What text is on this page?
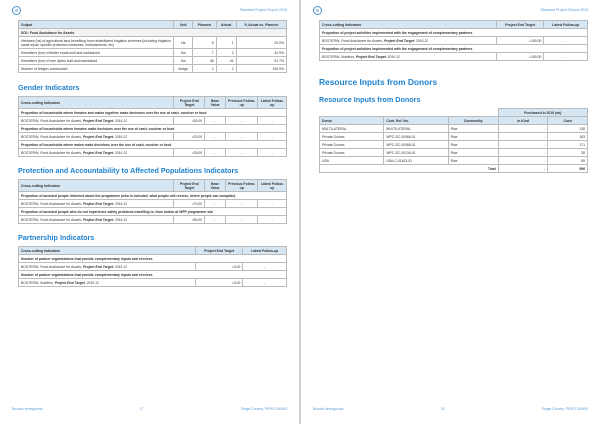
Standard Project Report 2016
Output	Unit	Planned	Actual	% Actual vs. Planned
SO1: Food Assistance for Assets				
Hectares (ha) of agricultural land benefiting from rehabilitated irrigation schemes (including irrigation canal repair, specific protection measures, embankments, etc)	Ha	5	1	20.0%
Kilometers (km) of feeder roads built and maintained	Km	7	3	42.9%
Kilometers (km) of river dykes built and maintained	Km	48	44	91.7%
Number of bridges constructed	bridge	2	2	100.0%
Gender Indicators
Cross-cutting Indicators	Project End Target	Base Value	Previous Follow-up	Latest Follow-up
Proportion of households where females and males together make decisions over the use of cash, voucher or food				
BOSTERIN, Food Assistance for Assets, Project End Target: 2016.12	=30.00	-	-	-
Proportion of households where females make decisions over the use of cash, voucher or food				
BOSTERIN, Food Assistance for Assets, Project End Target: 2016.12	=20.00	-	-	-
Proportion of households where males make decisions over the use of cash, voucher or food				
BOSTERIN, Food Assistance for Assets, Project End Target: 2016.12	=25.00	-	-	-
Protection and Accountability to Affected Populations Indicators
Cross-cutting Indicators	Project End Target	Base Value	Previous Follow-up	Latest Follow-up
Proportion of assisted people informed about the programme (who is included, what people will receive, where people can complain)				
BOSTERIN, Food Assistance for Assets, Project End Target: 2016.12	=70.00	-	-	-
Proportion of assisted people who do not experience safety problems travelling to, from and/or at WFP programme site				
BOSTERIN, Food Assistance for Assets, Project End Target: 2016.12	=80.00	-	-	-
Partnership Indicators
Cross-cutting Indicators	Project End Target	Latest Follow-up
Number of partner organizations that provide complementary inputs and services		
BOSTERIN, Food Assistance for Assets, Project End Target: 2016.12	=3.00	-
Number of partner organizations that provide complementary inputs and services		
BOSTERIN, Nutrition, Project End Target: 2016.12	=3.00	-
Bosnia Herzegovina	17	Single Country: PRRO 200693
Standard Project Report 2016
Cross-cutting Indicators	Project End Target	Latest Follow-up
Proportion of project activities implemented with the engagement of complementary partners		
BOSTERIN, Food Assistance for Assets, Project End Target: 2016.12	=100.00	-
Proportion of project activities implemented with the engagement of complementary partners		
BOSTERIN, Nutrition, Project End Target: 2016.12	=100.00	-
Resource Inputs from Donors
Resource Inputs from Donors
			Purchased in 2016 (mt)	
Donor	Cont. Ref. No.	Commodity	In-Kind	Cash
MULTILATERAL	MULTILATERAL	Rice	-	138
Private Donors	WPC-SC-00066-01	Rice	-	183
Private Donors	WPC-SC-00068-01	Rice	-	171
Private Donors	WPC-SC-00134-01	Rice	-	38
USA	USA-C-01163-01	Rice	-	85
Total			-	596
Bosnia Herzegovina	18	Single Country: PRRO 200693
